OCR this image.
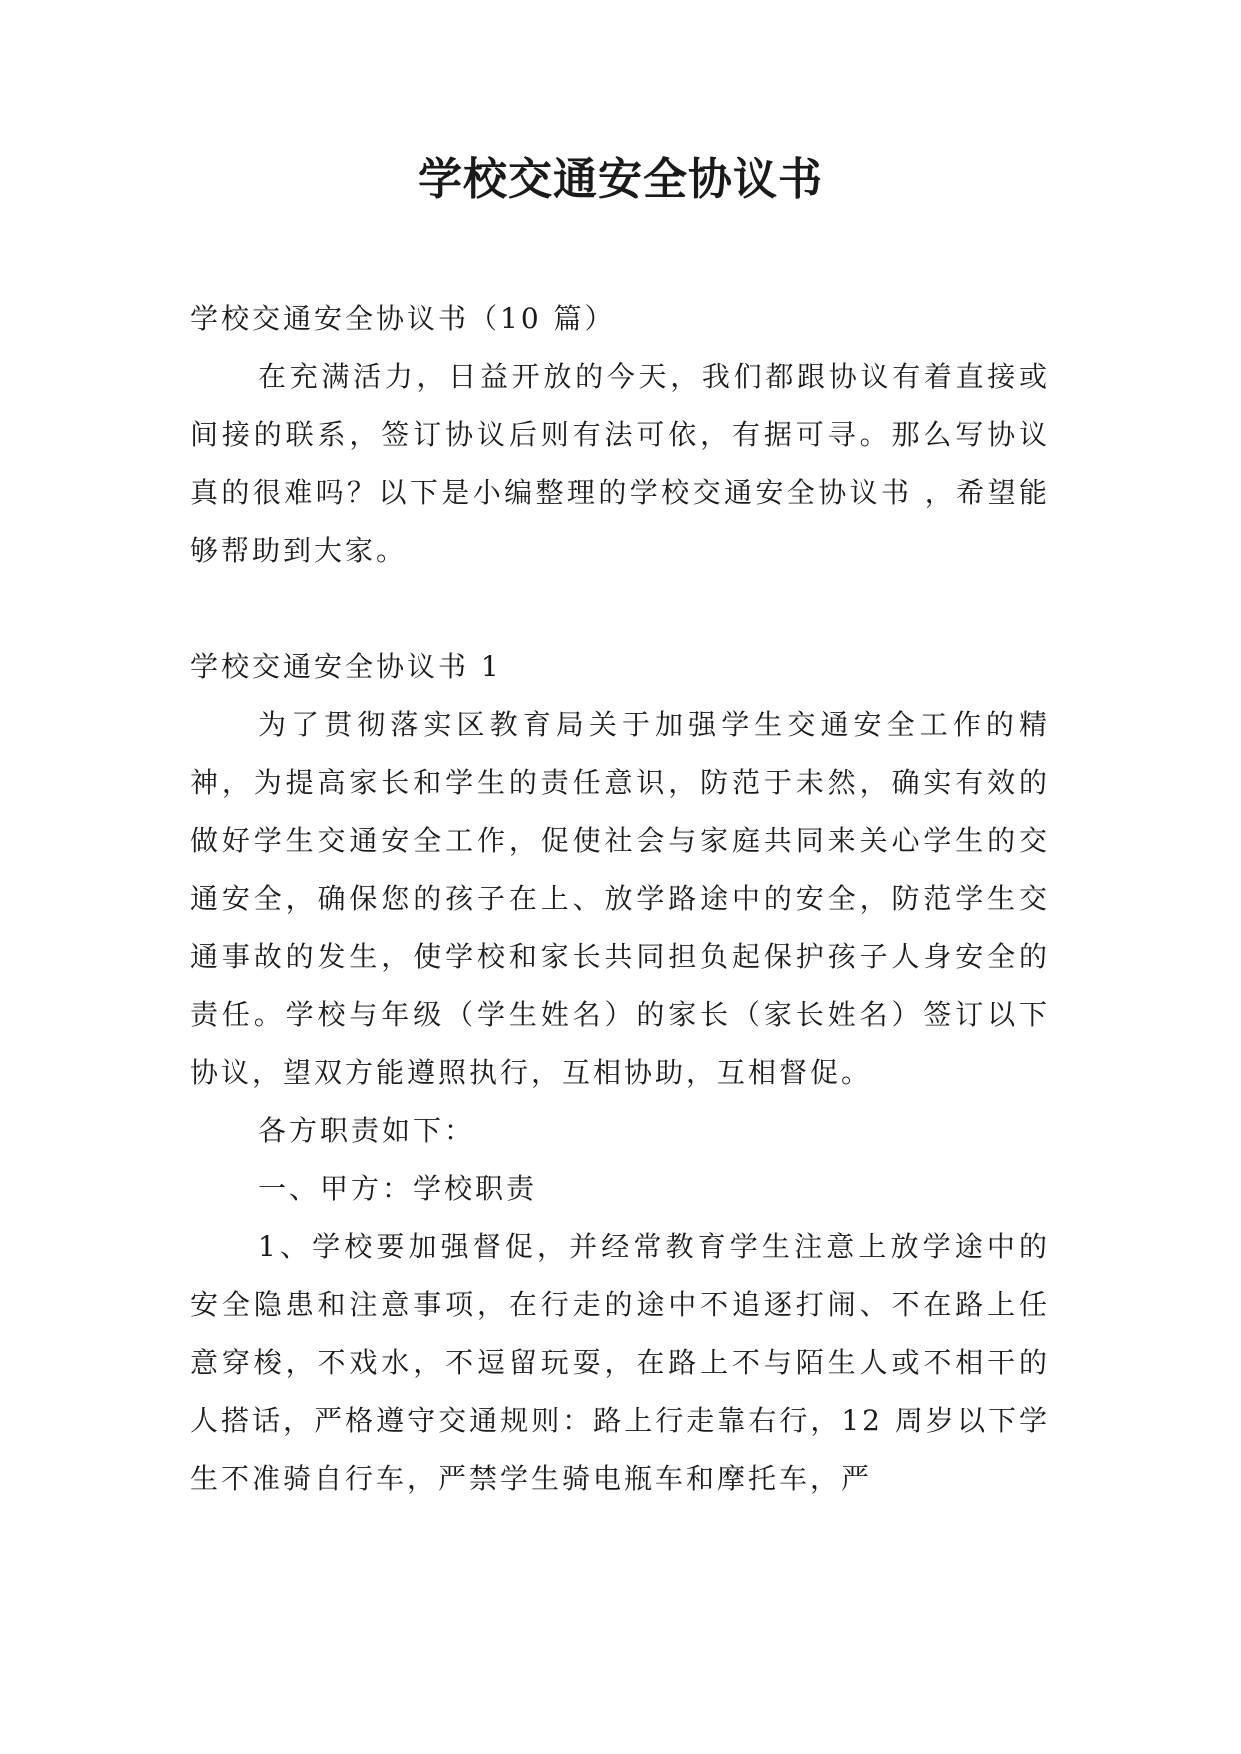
学校交通安全协议书

学校交通安全协议书（10 篇）

在充满活力，日益开放的今天，我们都跟协议有着直接或间接的联系，签订协议后则有法可依，有据可寻。那么写协议真的很难吗？以下是小编整理的学校交通安全协议书 ，希望能够帮助到大家。

学校交通安全协议书 1

为了贯彻落实区教育局关于加强学生交通安全工作的精神，为提高家长和学生的责任意识，防范于未然，确实有效的做好学生交通安全工作，促使社会与家庭共同来关心学生的交通安全，确保您的孩子在上、放学路途中的安全，防范学生交通事故的发生，使学校和家长共同担负起保护孩子人身安全的责任。学校与年级（学生姓名）的家长（家长姓名）签订以下协议，望双方能遵照执行，互相协助，互相督促。

各方职责如下：

一、甲方：学校职责

1、学校要加强督促，并经常教育学生注意上放学途中的安全隐患和注意事项，在行走的途中不追逐打闹、不在路上任意穿梭，不戏水，不逗留玩耍，在路上不与陌生人或不相干的人搭话，严格遵守交通规则：路上行走靠右行，12 周岁以下学生不准骑自行车，严禁学生骑电瓶车和摩托车，严
